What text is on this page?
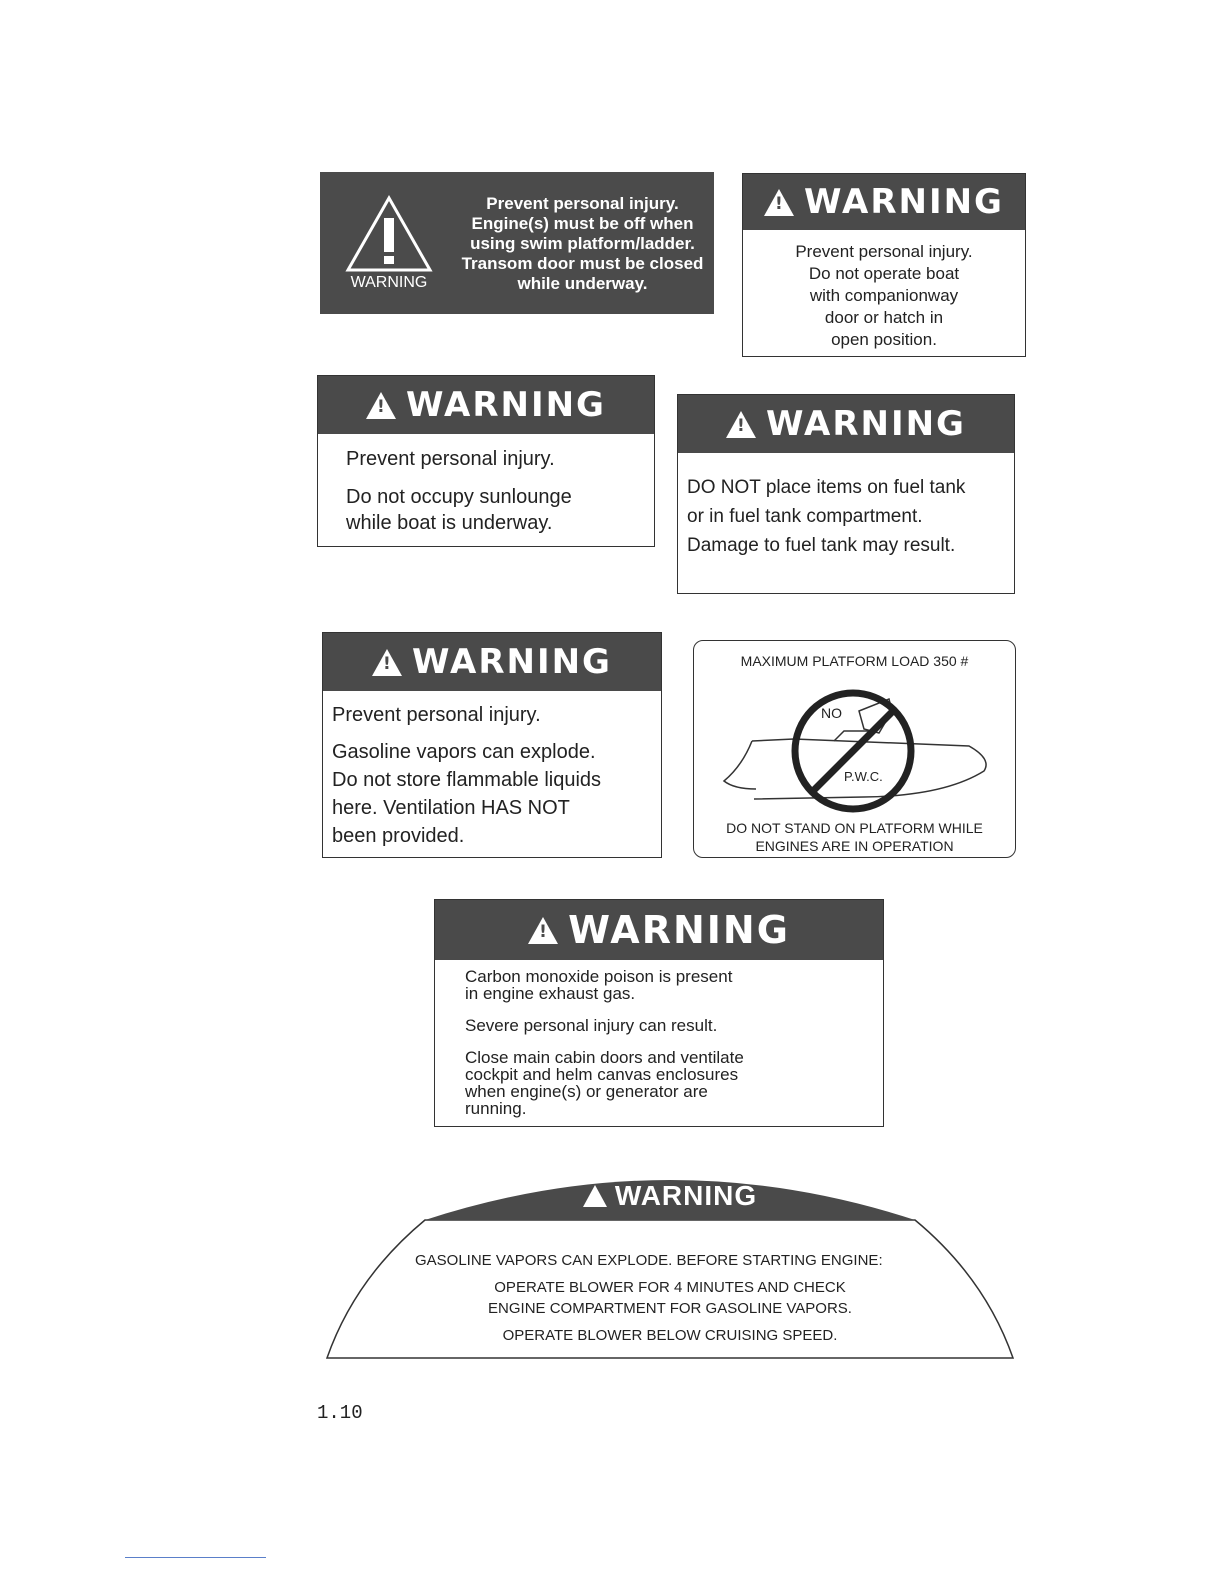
WARNING
Prevent personal injury.
Engine(s) must be off when
using swim platform/ladder.
Transom door must be closed
while underway.
!
WARNING

Prevent personal injury.

Do not operate boat

with companionway

door or hatch in

open position.

!
WARNING

Prevent personal injury.

Do not occupy sunlounge

while boat is underway.

!
WARNING

DO NOT place items on fuel tank

or in fuel tank compartment.

Damage to fuel tank may result.

!
WARNING

Prevent personal injury.

Gasoline vapors can explode.

Do not store flammable liquids

here. Ventilation HAS NOT

been provided.

MAXIMUM PLATFORM LOAD 350 #
NO
P.W.C.
DO NOT STAND ON PLATFORM WHILE
ENGINES ARE IN OPERATION
!
WARNING

Carbon monoxide poison is present
in engine exhaust gas.

Severe personal injury can result.

Close main cabin doors and ventilate
cockpit and helm canvas enclosures
when engine(s) or generator are
running.

WARNING
GASOLINE VAPORS CAN EXPLODE. BEFORE STARTING ENGINE:
OPERATE BLOWER FOR 4 MINUTES AND CHECK
ENGINE COMPARTMENT FOR GASOLINE VAPORS.
OPERATE BLOWER BELOW CRUISING SPEED.
1.10
